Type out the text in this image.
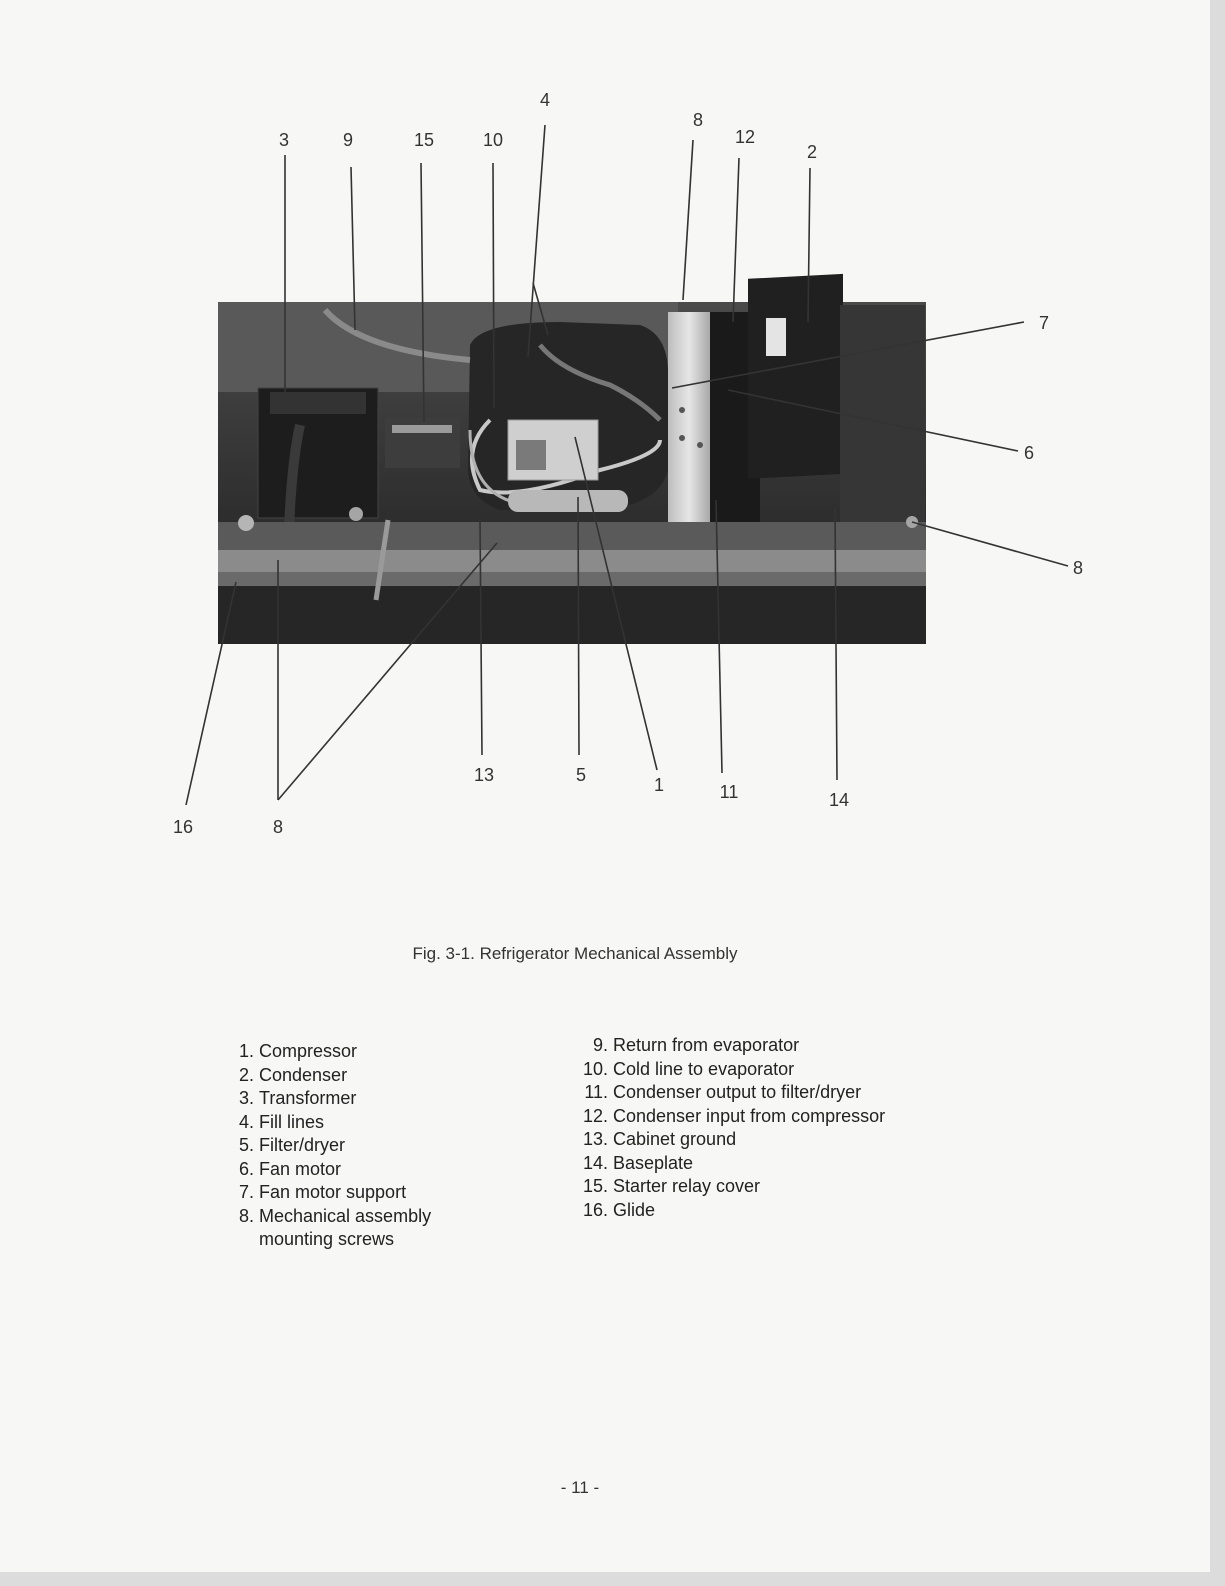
4
3	9	15	10
8
12
2
7
6
8
13	5	1	11	14
16	8
Fig. 3-1. Refrigerator Mechanical Assembly
1. Compressor
2. Condenser
3. Transformer
4. Fill lines
5. Filter/dryer
6. Fan motor
7. Fan motor support
8. Mechanical assembly
mounting screws
9. Return from evaporator
10. Cold line to evaporator
11. Condenser output to filter/dryer
12. Condenser input from compressor
13. Cabinet ground
14. Baseplate
15. Starter relay cover
16. Glide
- 11 -
